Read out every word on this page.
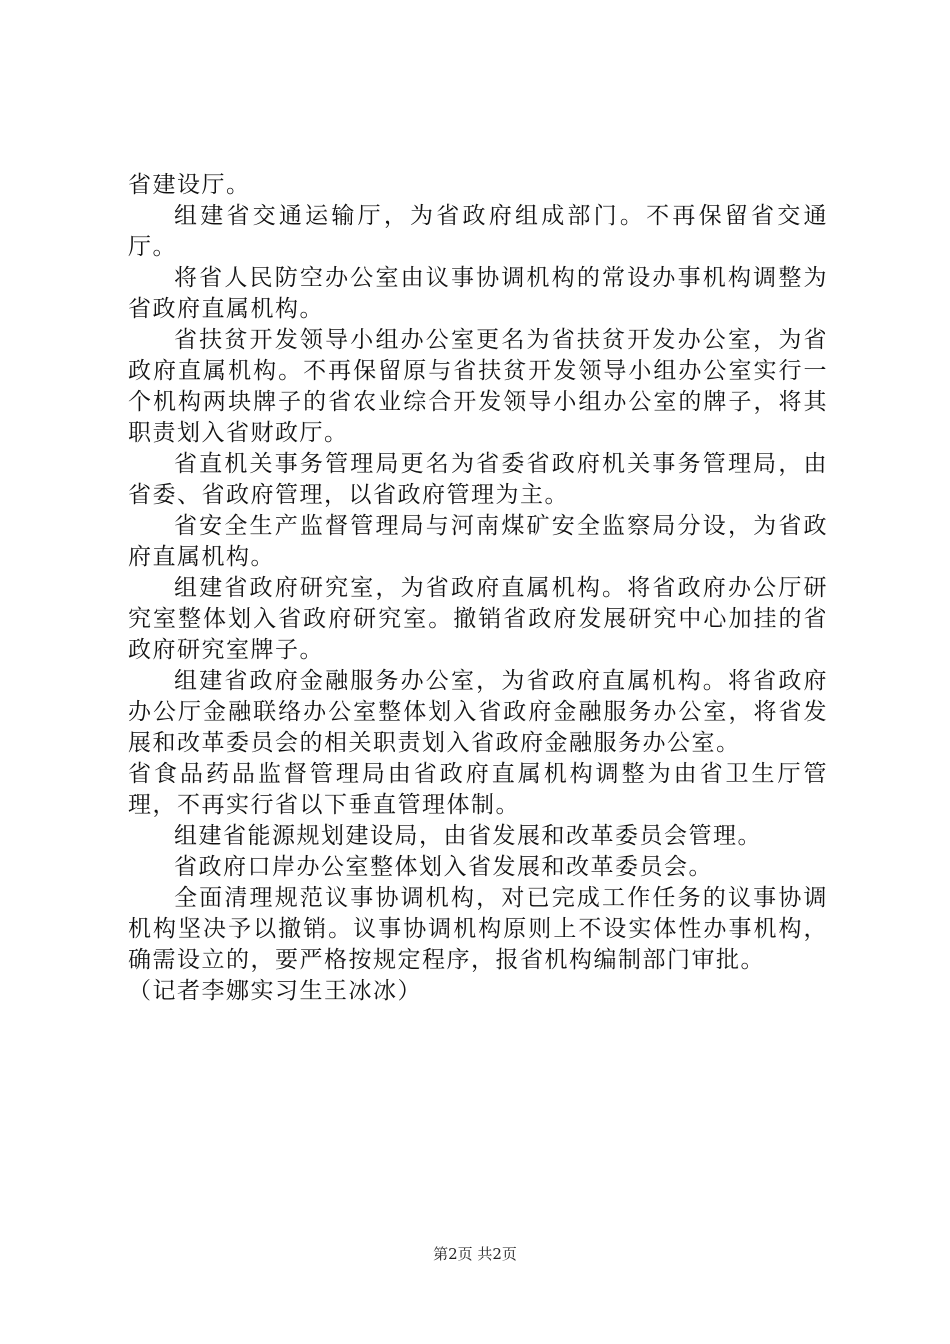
省建设厅。

组建省交通运输厅，为省政府组成部门。不再保留省交通厅。

将省人民防空办公室由议事协调机构的常设办事机构调整为省政府直属机构。

省扶贫开发领导小组办公室更名为省扶贫开发办公室，为省政府直属机构。不再保留原与省扶贫开发领导小组办公室实行一个机构两块牌子的省农业综合开发领导小组办公室的牌子，将其职责划入省财政厅。

省直机关事务管理局更名为省委省政府机关事务管理局，由省委、省政府管理，以省政府管理为主。

省安全生产监督管理局与河南煤矿安全监察局分设，为省政府直属机构。

组建省政府研究室，为省政府直属机构。将省政府办公厅研究室整体划入省政府研究室。撤销省政府发展研究中心加挂的省政府研究室牌子。

组建省政府金融服务办公室，为省政府直属机构。将省政府办公厅金融联络办公室整体划入省政府金融服务办公室，将省发展和改革委员会的相关职责划入省政府金融服务办公室。

省食品药品监督管理局由省政府直属机构调整为由省卫生厅管理，不再实行省以下垂直管理体制。

组建省能源规划建设局，由省发展和改革委员会管理。

省政府口岸办公室整体划入省发展和改革委员会。

全面清理规范议事协调机构，对已完成工作任务的议事协调机构坚决予以撤销。议事协调机构原则上不设实体性办事机构，确需设立的，要严格按规定程序，报省机构编制部门审批。

（记者李娜实习生王冰冰）

第2页 共2页
